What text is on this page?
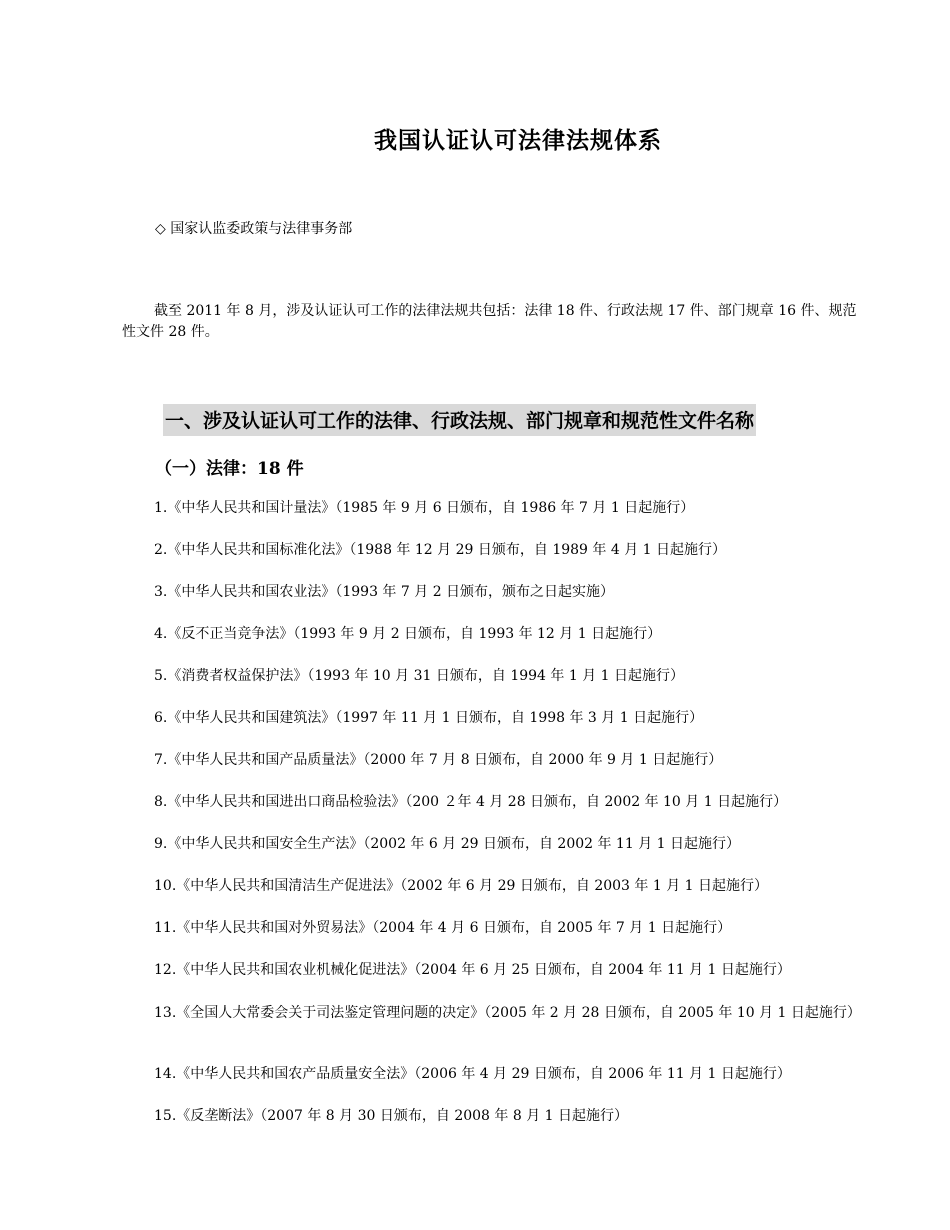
我国认证认可法律法规体系
◇ 国家认监委政策与法律事务部
截至 2011 年 8 月，涉及认证认可工作的法律法规共包括：法律 18 件、行政法规 17 件、部门规章 16 件、规范性文件 28 件。
一、涉及认证认可工作的法律、行政法规、部门规章和规范性文件名称
（一）法律：18 件
1.《中华人民共和国计量法》（1985 年 9 月 6 日颁布，自 1986 年 7 月 1 日起施行）
2.《中华人民共和国标准化法》（1988 年 12 月 29 日颁布，自 1989 年 4 月 1 日起施行）
3.《中华人民共和国农业法》（1993 年 7 月 2 日颁布，颁布之日起实施）
4.《反不正当竞争法》（1993 年 9 月 2 日颁布，自 1993 年 12 月 1 日起施行）
5.《消费者权益保护法》（1993 年 10 月 31 日颁布，自 1994 年 1 月 1 日起施行）
6.《中华人民共和国建筑法》（1997 年 11 月 1 日颁布，自 1998 年 3 月 1 日起施行）
7.《中华人民共和国产品质量法》（2000 年 7 月 8 日颁布，自 2000 年 9 月 1 日起施行）
8.《中华人民共和国进出口商品检验法》（200 ２年 4 月 28 日颁布，自 2002 年 10 月 1 日起施行）
9.《中华人民共和国安全生产法》（2002 年 6 月 29 日颁布，自 2002 年 11 月 1 日起施行）
10.《中华人民共和国清洁生产促进法》（2002 年 6 月 29 日颁布，自 2003 年 1 月 1 日起施行）
11.《中华人民共和国对外贸易法》（2004 年 4 月 6 日颁布，自 2005 年 7 月 1 日起施行）
12.《中华人民共和国农业机械化促进法》（2004 年 6 月 25 日颁布，自 2004 年 11 月 1 日起施行）
13.《全国人大常委会关于司法鉴定管理问题的决定》（2005 年 2 月 28 日颁布，自 2005 年 10 月 1 日起施行）
14.《中华人民共和国农产品质量安全法》（2006 年 4 月 29 日颁布，自 2006 年 11 月 1 日起施行）
15.《反垄断法》（2007 年 8 月 30 日颁布，自 2008 年 8 月 1 日起施行）
